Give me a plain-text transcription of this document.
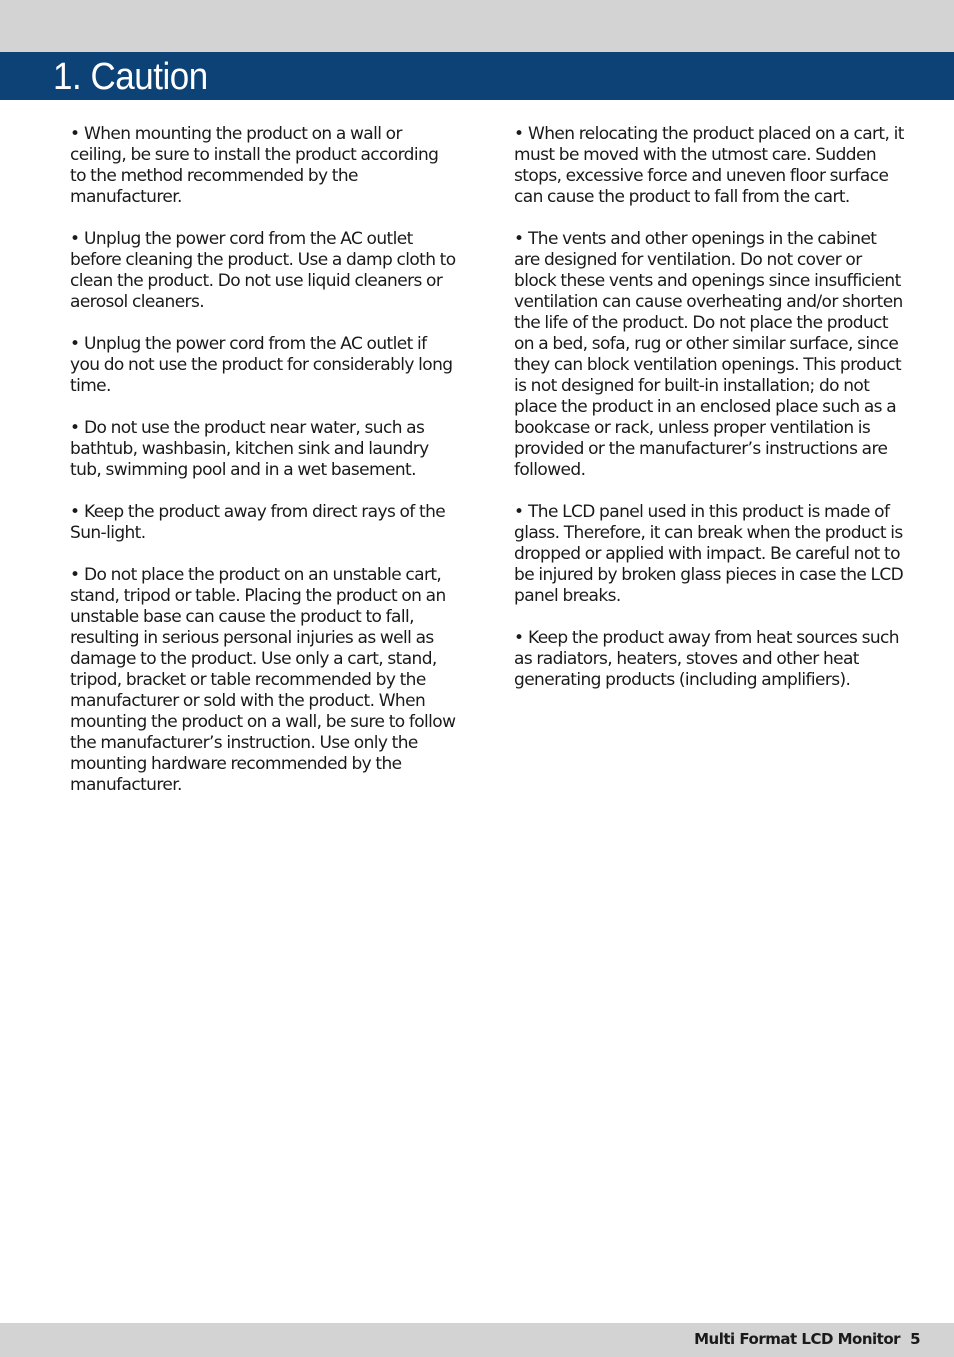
1. Caution

• When mounting the product on a wall or ceiling, be sure to install the product according to the method recommended by the manufacturer.

• Unplug the power cord from the AC outlet before cleaning the product. Use a damp cloth to clean the product. Do not use liquid cleaners or aerosol cleaners.

• Unplug the power cord from the AC outlet if you do not use the product for considerably long time.

• Do not use the product near water, such as bathtub, washbasin, kitchen sink and laundry tub, swimming pool and in a wet basement.

• Keep the product away from direct rays of the Sun-light.

• Do not place the product on an unstable cart, stand, tripod or table. Placing the product on an unstable base can cause the product to fall, resulting in serious personal injuries as well as damage to the product. Use only a cart, stand, tripod, bracket or table recommended by the manufacturer or sold with the product. When mounting the product on a wall, be sure to follow the manufacturer’s instruction. Use only the mounting hardware recommended by the manufacturer.

• When relocating the product placed on a cart, it must be moved with the utmost care. Sudden stops, excessive force and uneven floor surface can cause the product to fall from the cart.

• The vents and other openings in the cabinet are designed for ventilation. Do not cover or block these vents and openings since insufficient ventilation can cause overheating and/or shorten the life of the product. Do not place the product on a bed, sofa, rug or other similar surface, since they can block ventilation openings. This product is not designed for built-in installation; do not place the product in an enclosed place such as a bookcase or rack, unless proper ventilation is provided or the manufacturer’s instructions are followed.

• The LCD panel used in this product is made of glass. Therefore, it can break when the product is dropped or applied with impact. Be careful not to be injured by broken glass pieces in case the LCD panel breaks.

• Keep the product away from heat sources such as radiators, heaters, stoves and other heat generating products (including amplifiers).

Multi Format LCD Monitor 5
